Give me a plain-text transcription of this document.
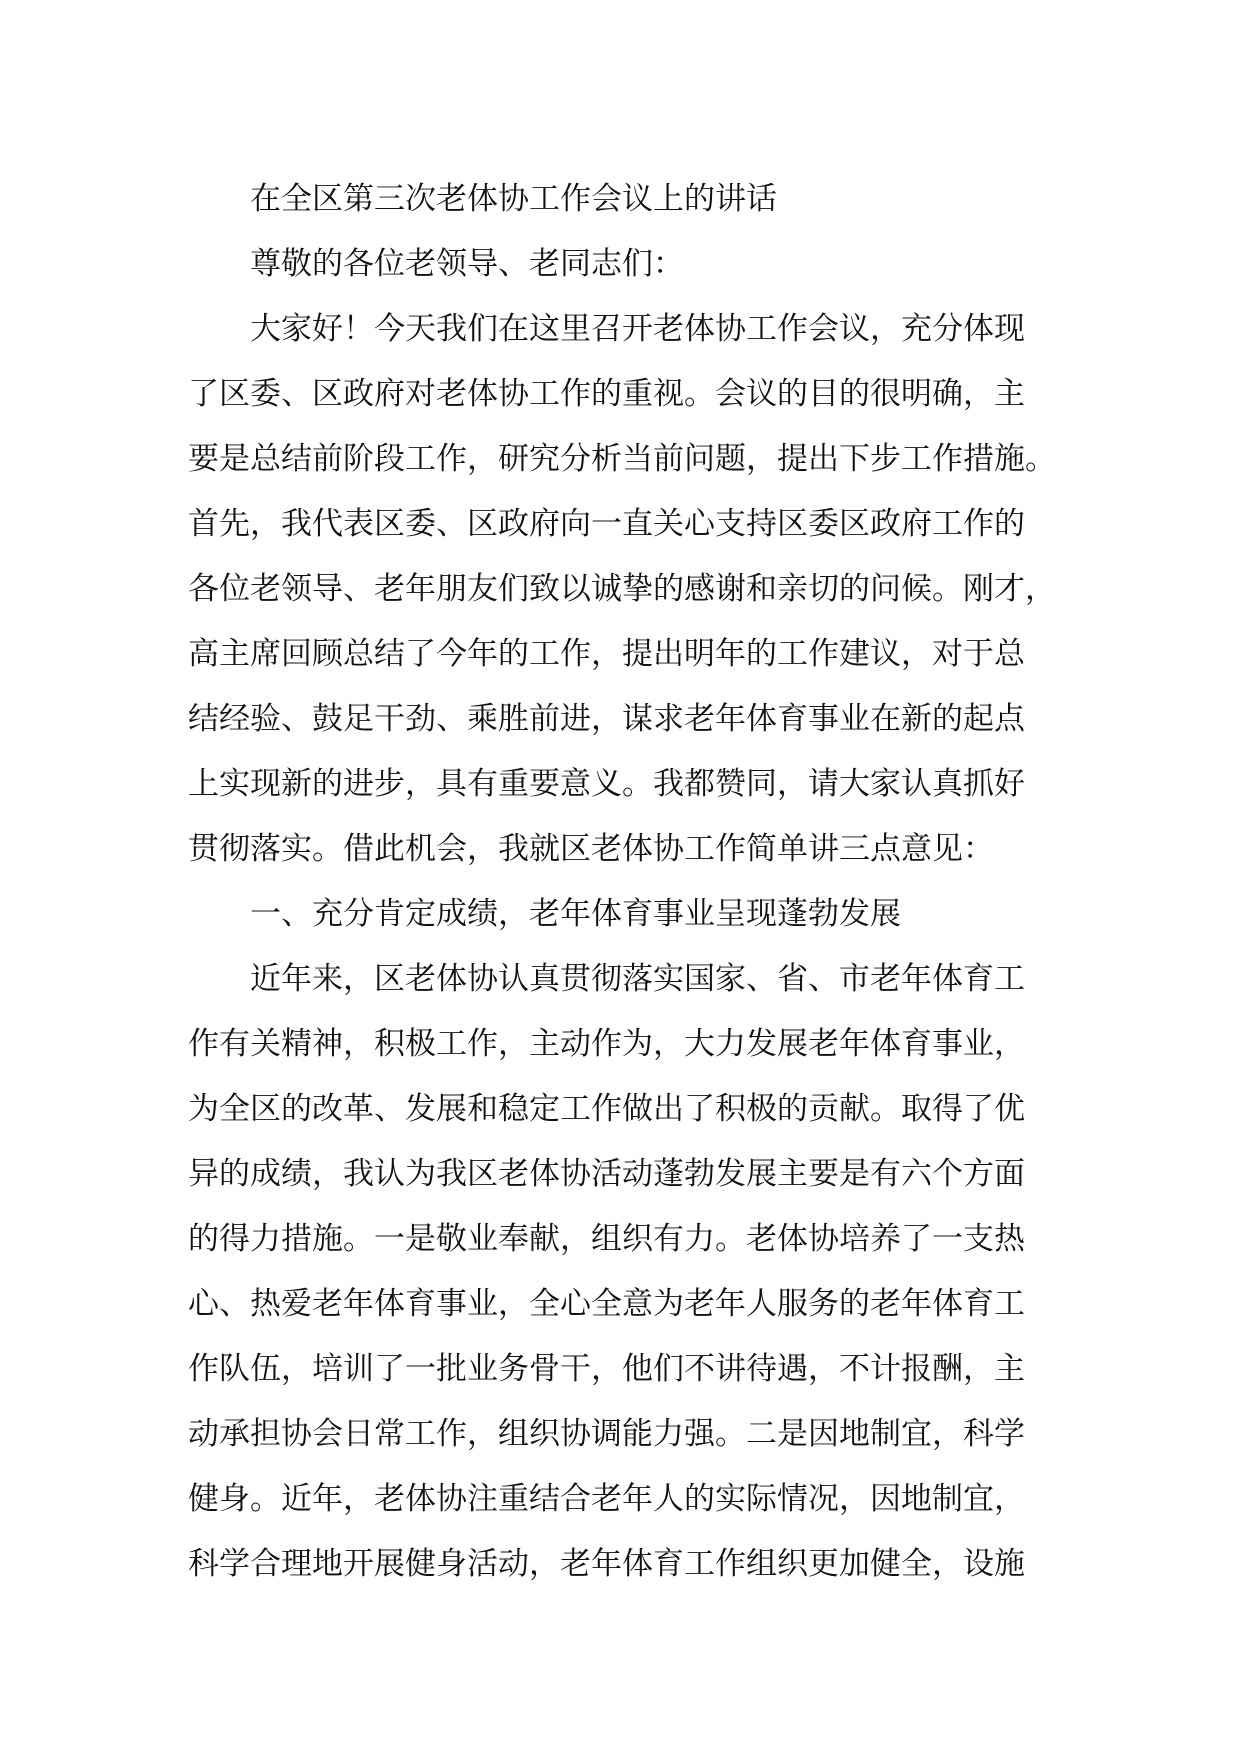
在全区第三次老体协工作会议上的讲话
尊敬的各位老领导、老同志们：
大家好！今天我们在这里召开老体协工作会议，充分体现
了区委、区政府对老体协工作的重视。会议的目的很明确，主
要是总结前阶段工作，研究分析当前问题，提出下步工作措施。
首先，我代表区委、区政府向一直关心支持区委区政府工作的
各位老领导、老年朋友们致以诚挚的感谢和亲切的问候。刚才，
高主席回顾总结了今年的工作，提出明年的工作建议，对于总
结经验、鼓足干劲、乘胜前进，谋求老年体育事业在新的起点
上实现新的进步，具有重要意义。我都赞同，请大家认真抓好
贯彻落实。借此机会，我就区老体协工作简单讲三点意见：
一、充分肯定成绩，老年体育事业呈现蓬勃发展
近年来，区老体协认真贯彻落实国家、省、市老年体育工
作有关精神，积极工作，主动作为，大力发展老年体育事业，
为全区的改革、发展和稳定工作做出了积极的贡献。取得了优
异的成绩，我认为我区老体协活动蓬勃发展主要是有六个方面
的得力措施。一是敬业奉献，组织有力。老体协培养了一支热
心、热爱老年体育事业，全心全意为老年人服务的老年体育工
作队伍，培训了一批业务骨干，他们不讲待遇，不计报酬，主
动承担协会日常工作，组织协调能力强。二是因地制宜，科学
健身。近年，老体协注重结合老年人的实际情况，因地制宜，
科学合理地开展健身活动，老年体育工作组织更加健全，设施
